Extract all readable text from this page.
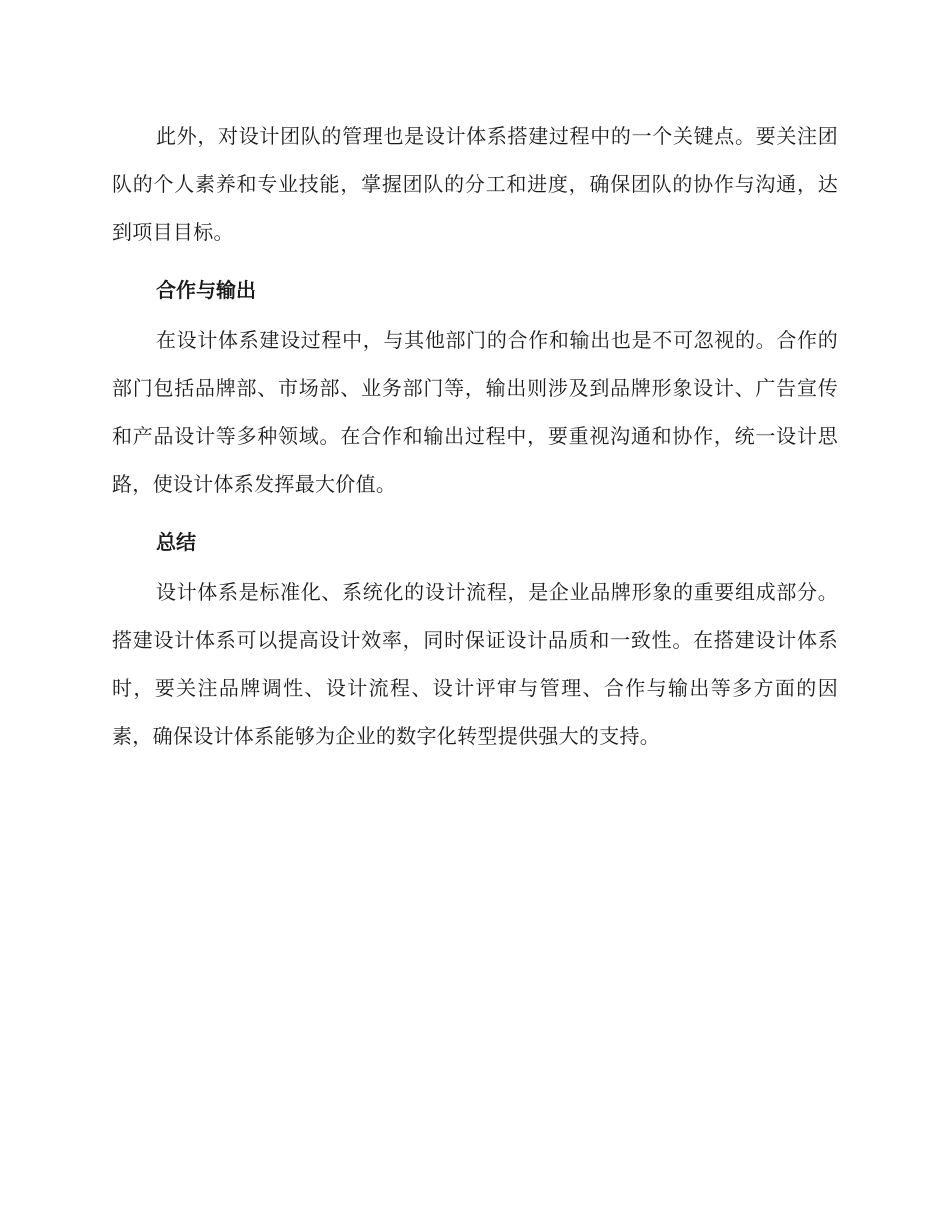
此外，对设计团队的管理也是设计体系搭建过程中的一个关键点。要关注团队的个人素养和专业技能，掌握团队的分工和进度，确保团队的协作与沟通，达到项目目标。

合作与输出

在设计体系建设过程中，与其他部门的合作和输出也是不可忽视的。合作的部门包括品牌部、市场部、业务部门等，输出则涉及到品牌形象设计、广告宣传和产品设计等多种领域。在合作和输出过程中，要重视沟通和协作，统一设计思路，使设计体系发挥最大价值。

总结

设计体系是标准化、系统化的设计流程，是企业品牌形象的重要组成部分。搭建设计体系可以提高设计效率，同时保证设计品质和一致性。在搭建设计体系时，要关注品牌调性、设计流程、设计评审与管理、合作与输出等多方面的因素，确保设计体系能够为企业的数字化转型提供强大的支持。
